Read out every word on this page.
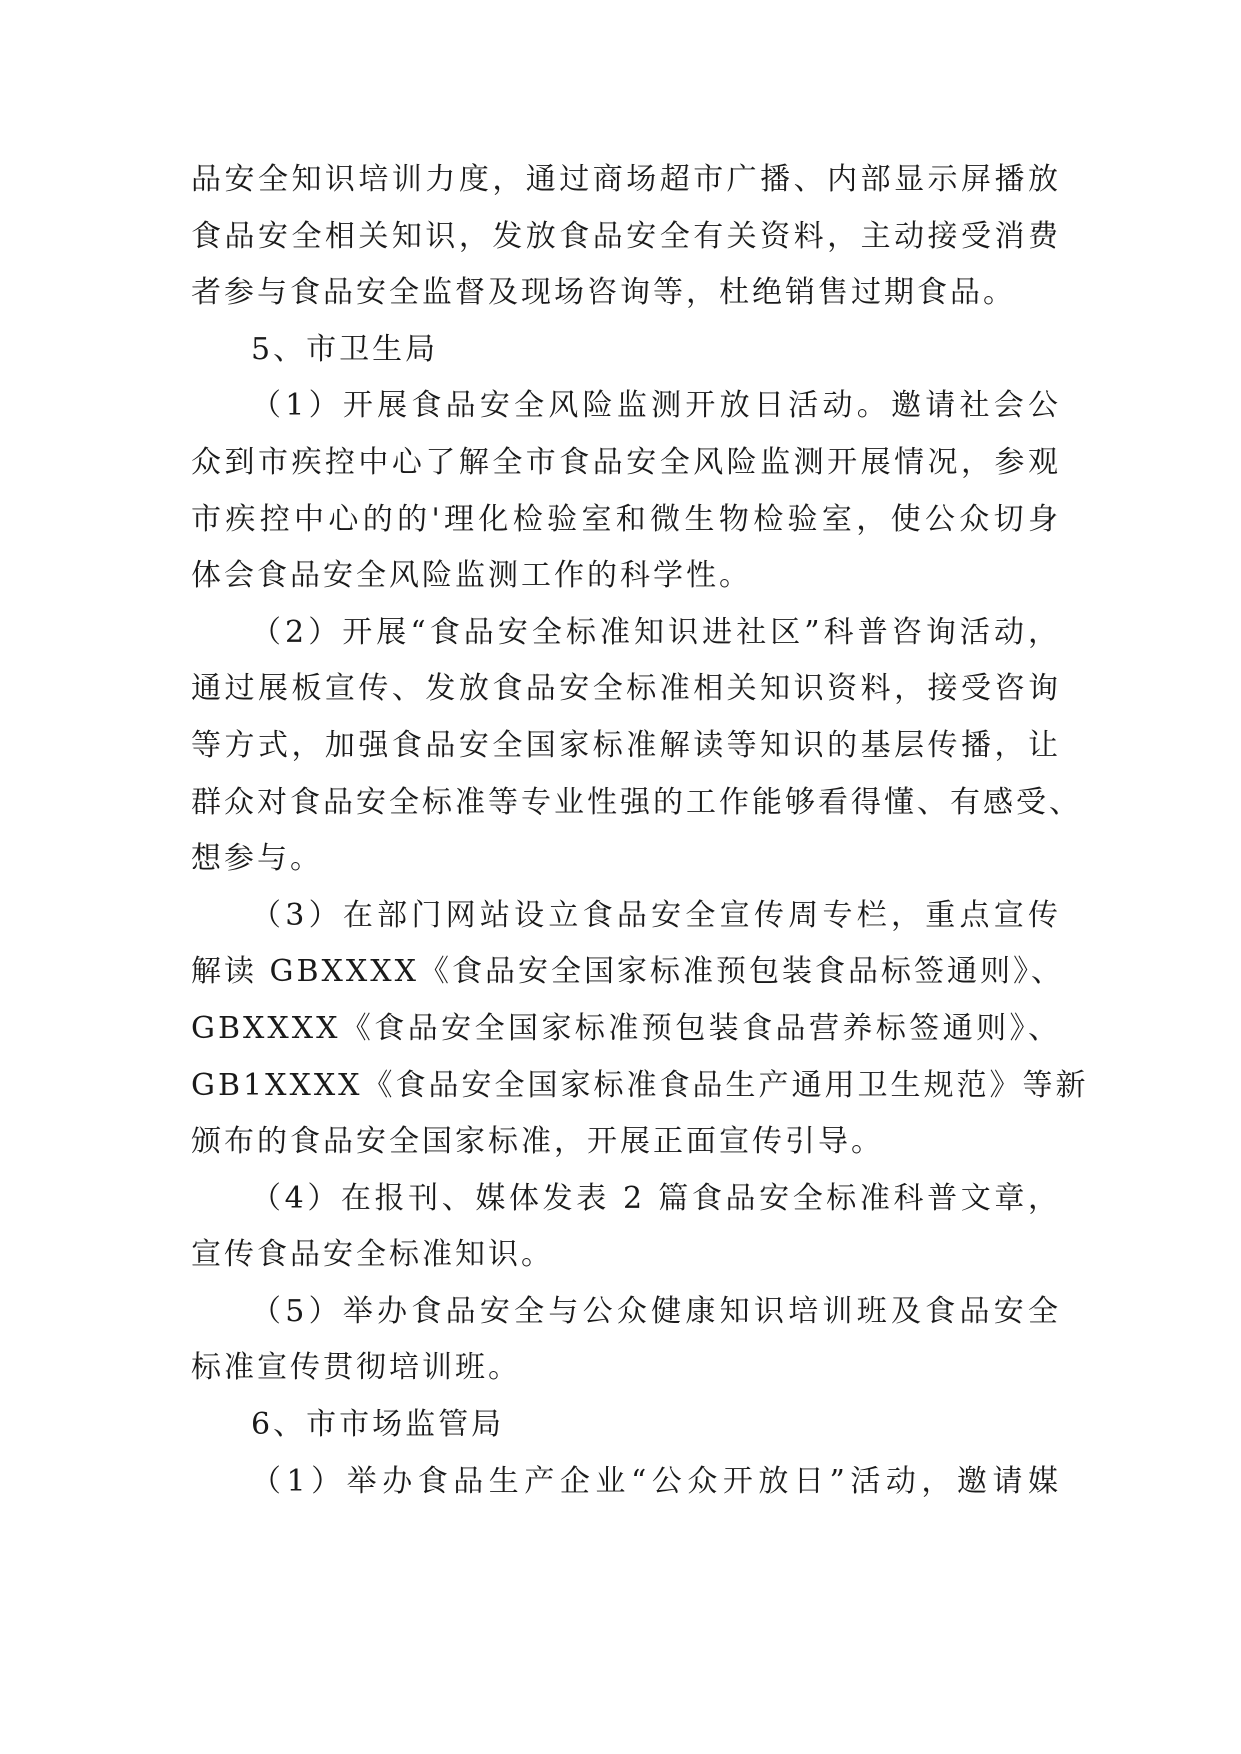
品安全知识培训力度，通过商场超市广播、内部显示屏播放
食品安全相关知识，发放食品安全有关资料，主动接受消费
者参与食品安全监督及现场咨询等，杜绝销售过期食品。
5、市卫生局
（1）开展食品安全风险监测开放日活动。邀请社会公
众到市疾控中心了解全市食品安全风险监测开展情况，参观
市疾控中心的的'理化检验室和微生物检验室，使公众切身
体会食品安全风险监测工作的科学性。
（2）开展“食品安全标准知识进社区”科普咨询活动，
通过展板宣传、发放食品安全标准相关知识资料，接受咨询
等方式，加强食品安全国家标准解读等知识的基层传播，让
群众对食品安全标准等专业性强的工作能够看得懂、有感受、
想参与。
（3）在部门网站设立食品安全宣传周专栏，重点宣传
解读 GBXXXX《食品安全国家标准预包装食品标签通则》、
GBXXXX《食品安全国家标准预包装食品营养标签通则》、
GB1XXXX《食品安全国家标准食品生产通用卫生规范》等新
颁布的食品安全国家标准，开展正面宣传引导。
（4）在报刊、媒体发表 2 篇食品安全标准科普文章，
宣传食品安全标准知识。
（5）举办食品安全与公众健康知识培训班及食品安全
标准宣传贯彻培训班。
6、市市场监管局
（1）举办食品生产企业“公众开放日”活动，邀请媒
